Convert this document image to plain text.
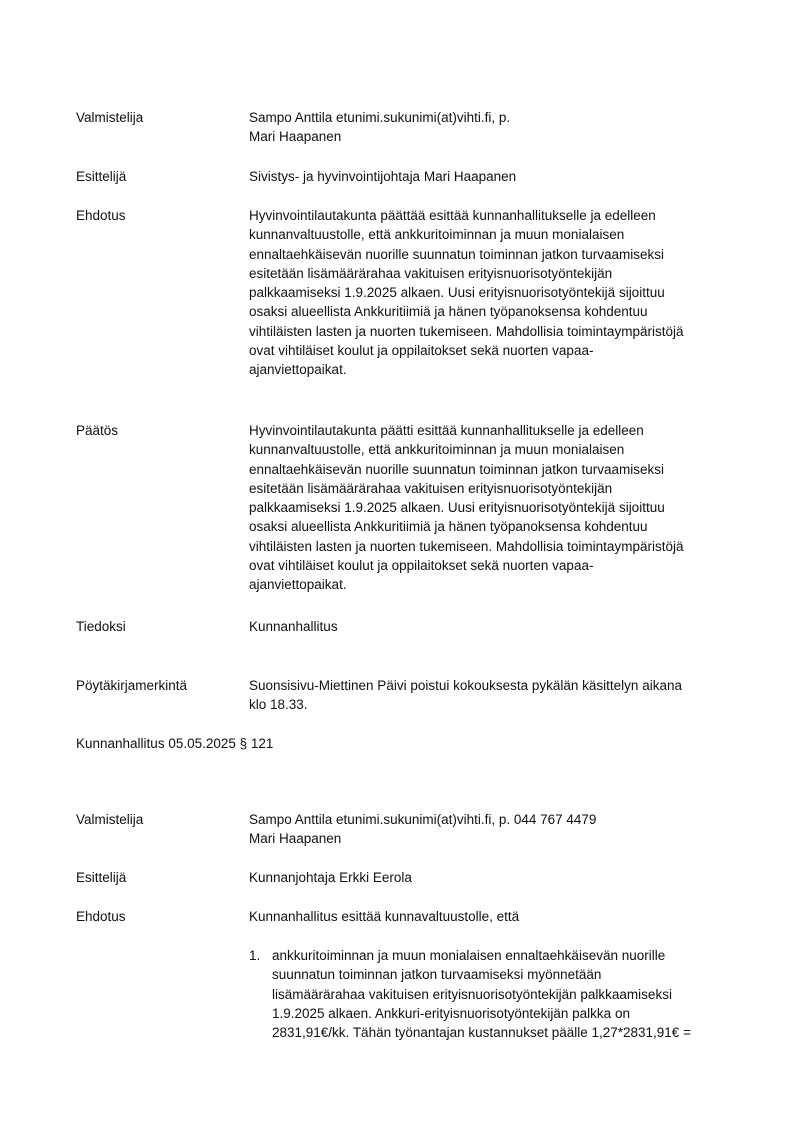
Valmistelija	Sampo Anttila etunimi.sukunimi(at)vihti.fi, p.
Mari Haapanen
Esittelijä	Sivistys- ja hyvinvointijohtaja Mari Haapanen
Ehdotus	Hyvinvointilautakunta päättää esittää kunnanhallitukselle ja edelleen
kunnanvaltuustolle, että ankkuritoiminnan ja muun monialaisen
ennaltaehkäisevän nuorille suunnatun toiminnan jatkon turvaamiseksi
esitetään lisämäärärahaa vakituisen erityisnuorisotyöntekijän
palkkaamiseksi 1.9.2025 alkaen. Uusi erityisnuorisotyöntekijä sijoittuu
osaksi alueellista Ankkuritiimiä ja hänen työpanoksensa kohdentuu
vihtiläisten lasten ja nuorten tukemiseen. Mahdollisia toimintaympäristöjä
ovat vihtiläiset koulut ja oppilaitokset sekä nuorten vapaa-
ajanviettopaikat.
Päätös	Hyvinvointilautakunta päätti esittää kunnanhallitukselle ja edelleen
kunnanvaltuustolle, että ankkuritoiminnan ja muun monialaisen
ennaltaehkäisevän nuorille suunnatun toiminnan jatkon turvaamiseksi
esitetään lisämäärärahaa vakituisen erityisnuorisotyöntekijän
palkkaamiseksi 1.9.2025 alkaen. Uusi erityisnuorisotyöntekijä sijoittuu
osaksi alueellista Ankkuritiimiä ja hänen työpanoksensa kohdentuu
vihtiläisten lasten ja nuorten tukemiseen. Mahdollisia toimintaympäristöjä
ovat vihtiläiset koulut ja oppilaitokset sekä nuorten vapaa-
ajanviettopaikat.
Tiedoksi	Kunnanhallitus
Pöytäkirjamerkintä	Suonsisivu-Miettinen Päivi poistui kokouksesta pykälän käsittelyn aikana
klo 18.33.
Kunnanhallitus 05.05.2025 § 121
Valmistelija	Sampo Anttila etunimi.sukunimi(at)vihti.fi, p. 044 767 4479
Mari Haapanen
Esittelijä	Kunnanjohtaja Erkki Eerola
Ehdotus	Kunnanhallitus esittää kunnavaltuustolle, että
1. ankkuritoiminnan ja muun monialaisen ennaltaehkäisevän nuorille
suunnatun toiminnan jatkon turvaamiseksi myönnetään
lisämäärärahaa vakituisen erityisnuorisotyöntekijän palkkaamiseksi
1.9.2025 alkaen. Ankkuri-erityisnuorisotyöntekijän palkka on
2831,91€/kk. Tähän työnantajan kustannukset päälle 1,27*2831,91€ =
